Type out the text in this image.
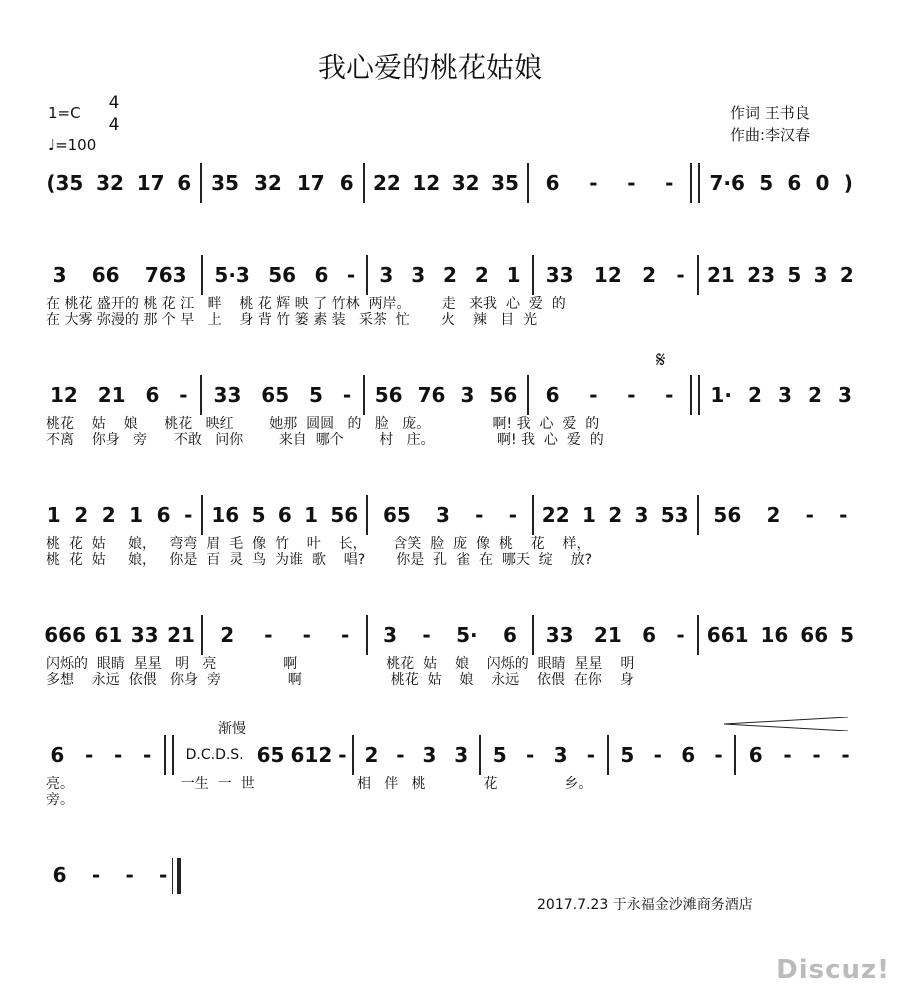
我心爱的桃花姑娘
1=C 4
4
♩=100
作词 王书良
作曲:李汉春
(35 32 17 6 35 32 17 6 22 12 32 35 6 - - - 7·6 5 6 0 )
3 66 763 5·3 56 6 - 3 3 2 2 1 33 12 2 - 21 23 5 3 2
在 桃花 盛开的 桃 花 江   畔    桃 花 辉 映 了 竹林  两岸。       走   来我  心  爱  的
在 大雾 弥漫的 那 个 早   上    身 背 竹 篓 素 装   采茶  忙       火    辣   目  光
12 21 6 - 33 65 5 - 56 76 3 56 6 - - - 1· 2 3 2 3
桃花    姑    娘      桃花   映红        她那  圆圆   的   脸   庞。              啊! 我  心  爱  的
不离    你身   旁      不敢   问你        来自  哪个        村   庄。              啊! 我  心  爱  的
𝄋
1 2 2 1 6 - 16 5 6 1 56 65 3 - - 22 1 2 3 53 56 2 - -
桃  花  姑     娘，   弯弯  眉  毛  像  竹    叶    长，      含笑  脸  庞  像  桃    花    样，
桃  花  姑     娘，   你是  百  灵  鸟  为谁  歌    唱?       你是  孔  雀  在  哪天  绽    放?
666 61 33 21 2 - - - 3 - 5· 6 33 21 6 - 661 16 66 5
闪烁的  眼睛  星星   明   亮               啊                    桃花  姑    娘    闪烁的  眼睛  星星    明
多想    永远  依偎   你身  旁               啊                    桃花  姑    娘    永远    依偎  在你    身
渐慢
6 - - -	D.C.D.S. 65 612 - 2 - 3 3 5 - 3 - 5 - 6 - 6 - - -
亮。                        一生  一  世                       相   伴   桃             花               乡。
旁。
6 - - -
2017.7.23 于永福金沙滩商务酒店
Discuz!
